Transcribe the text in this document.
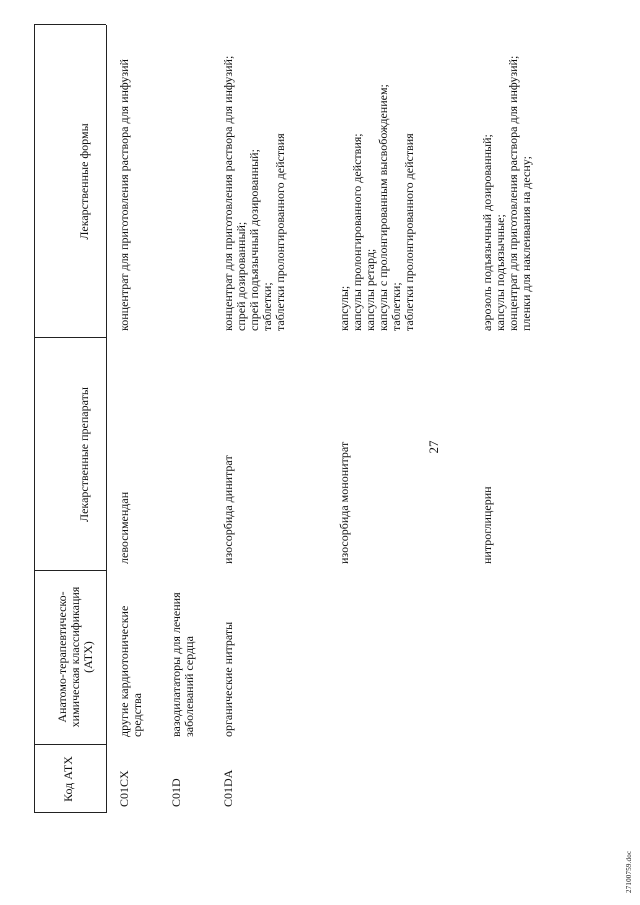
27
27100759.doc
Код АТХ
Анатомо-терапевтическо-химическая классификация (АТХ)
Лекарственные препараты
Лекарственные формы
C01CX
другие кардиотонические средства
левосимендан
концентрат для приготовления раствора для инфузий
C01D
вазодилататоры для лечения заболеваний сердца
C01DA
органические нитраты
изосорбида динитрат
концентрат для приготовления раствора для инфузий;
спрей дозированный;
спрей подъязычный дозированный;
таблетки;
таблетки пролонгированного действия
изосорбида мононитрат
капсулы;
капсулы пролонгированного действия;
капсулы ретард;
капсулы с пролонгированным высвобождением;
таблетки;
таблетки пролонгированного действия
нитроглицерин
аэрозоль подъязычный дозированный;
капсулы подъязычные;
концентрат для приготовления раствора для инфузий;
пленки для наклеивания на десну;
